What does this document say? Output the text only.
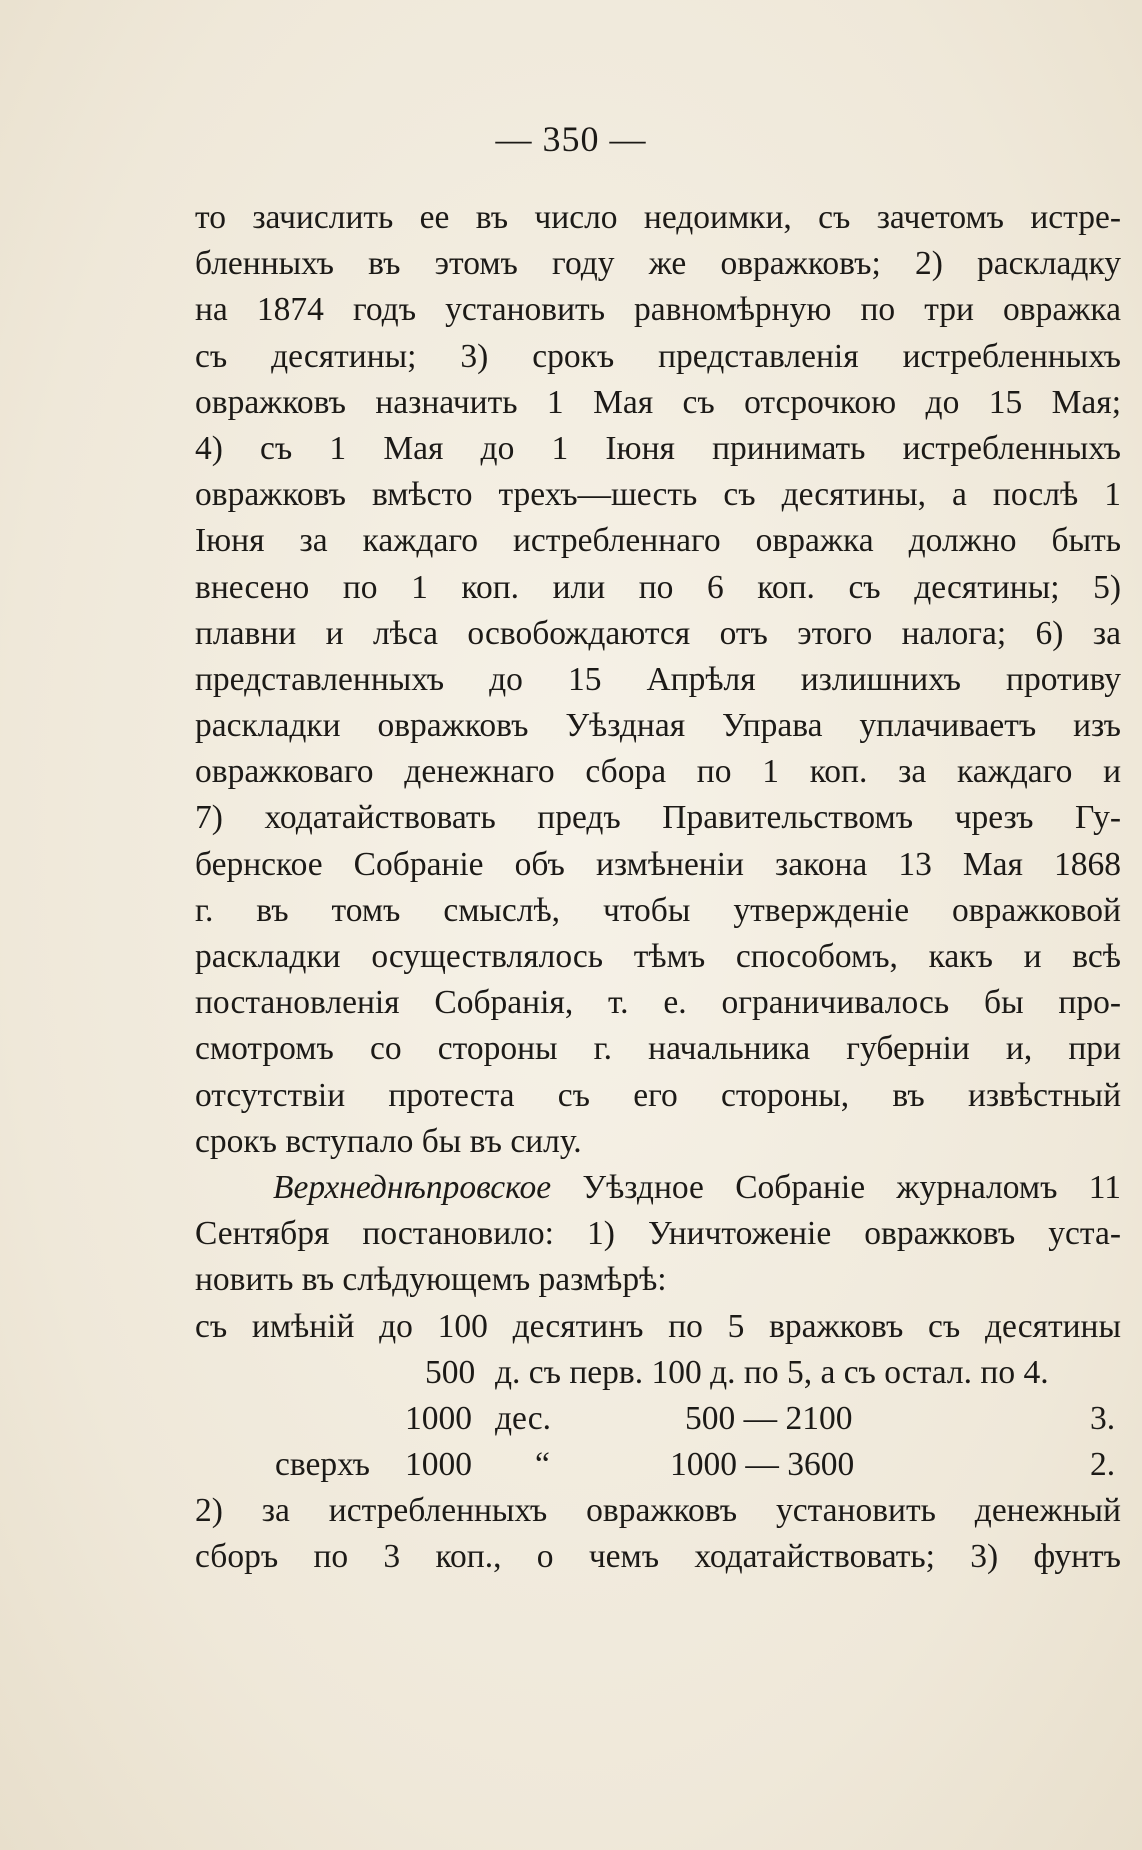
— 350 —
то зачислить ее въ число недоимки, съ зачетомъ истре-
бленныхъ въ этомъ году же овражковъ; 2) раскладку
на 1874 годъ установить равномѣрную по три овражка
съ десятины; 3) срокъ представленія истребленныхъ
овражковъ назначить 1 Мая съ отсрочкою до 15 Мая;
4) съ 1 Мая до 1 Іюня принимать истребленныхъ
овражковъ вмѣсто трехъ—шесть съ десятины, а послѣ 1
Іюня за каждаго истребленнаго овражка должно быть
внесено по 1 коп. или по 6 коп. съ десятины; 5)
плавни и лѣса освобождаются отъ этого налога; 6) за
представленныхъ до 15 Апрѣля излишнихъ противу
раскладки овражковъ Уѣздная Управа уплачиваетъ изъ
овражковаго денежнаго сбора по 1 коп. за каждаго и
7) ходатайствовать предъ Правительствомъ чрезъ Гу-
бернское Собраніе объ измѣненіи закона 13 Мая 1868
г. въ томъ смыслѣ, чтобы утвержденіе овражковой
раскладки осуществлялось тѣмъ способомъ, какъ и всѣ
постановленія Собранія, т. е. ограничивалось бы про-
смотромъ со стороны г. начальника губерніи и, при
отсутствіи протеста съ его стороны, въ извѣстный
срокъ вступало бы въ силу.
Верхнеднѣпровское Уѣздное Собраніе журналомъ 11
Сентября постановило: 1) Уничтоженіе овражковъ уста-
новить въ слѣдующемъ размѣрѣ:
съ имѣній до 100 десятинъ по 5 вражковъ съ десятины
500 д. съ перв. 100 д. по 5, а съ остал. по 4.
1000 дес.	500 — 2100	3.
сверхъ 1000 “	1000 — 3600	2.
2) за истребленныхъ овражковъ установить денежный
сборъ по 3 коп., о чемъ ходатайствовать; 3) фунтъ
